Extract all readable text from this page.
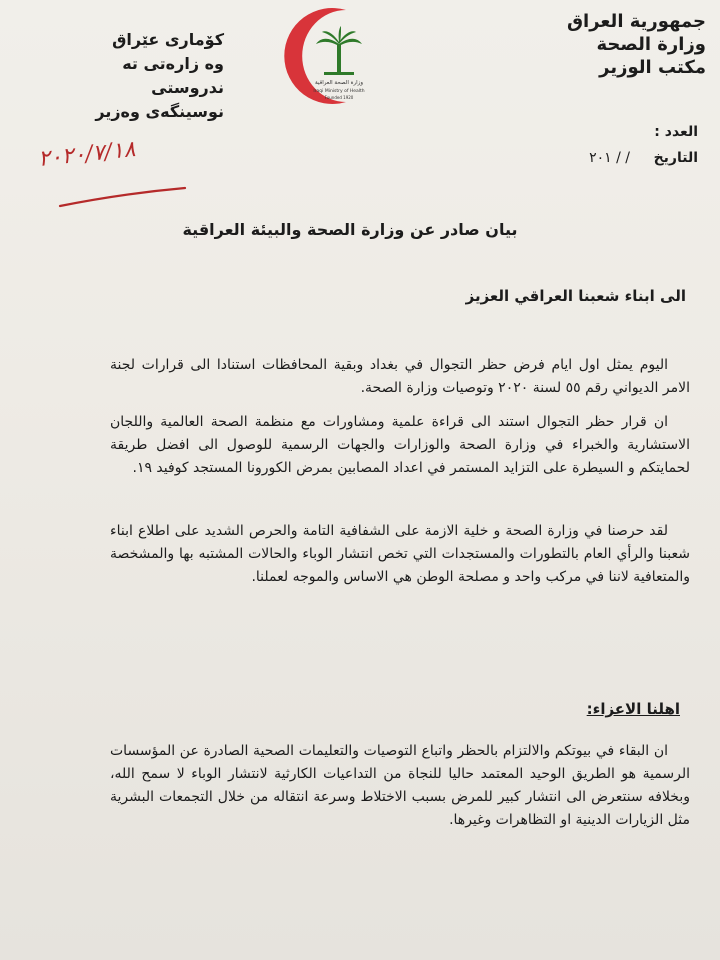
جمهورية العراق
وزارة الصحة
مكتب الوزير
كۆماری عێراق
وه زارەتی ته ندروستی
نوسینگه‌ی وەزیر
وزارة الصحة العراقية
Iraqi Ministry of Health
Founded 1920
العدد :
التاريخ
/ / ٢٠١
٢٠٢٠/٧/١٨
بيان صادر عن وزارة الصحة والبيئة العراقية
الى ابناء شعبنا العراقي العزيز
اليوم يمثل اول ايام فرض حظر التجوال في بغداد وبقية المحافظات استنادا الى قرارات لجنة الامر الديواني رقم ٥٥ لسنة ٢٠٢٠ وتوصيات وزارة الصحة.
ان قرار حظر التجوال استند الى قراءة علمية ومشاورات مع منظمة الصحة العالمية واللجان الاستشارية والخبراء في وزارة الصحة والوزارات والجهات الرسمية للوصول الى افضل طريقة لحمايتكم و السيطرة على التزايد المستمر في اعداد المصابين بمرض الكورونا المستجد كوفيد ١٩.
لقد حرصنا في وزارة الصحة و خلية الازمة على الشفافية التامة والحرص الشديد على اطلاع ابناء شعبنا والرأي العام بالتطورات والمستجدات التي تخص انتشار الوباء والحالات المشتبه بها والمشخصة والمتعافية لاننا في مركب واحد و مصلحة الوطن هي الاساس والموجه لعملنا.
اهلنا الاعزاء:
ان البقاء في بيوتكم والالتزام بالحظر واتباع التوصيات والتعليمات الصحية الصادرة عن المؤسسات الرسمية هو الطريق الوحيد المعتمد حاليا للنجاة من التداعيات الكارثية لانتشار الوباء لا سمح الله، وبخلافه سنتعرض الى انتشار كبير للمرض بسبب الاختلاط وسرعة انتقاله من خلال التجمعات البشرية مثل الزيارات الدينية او التظاهرات وغيرها.
